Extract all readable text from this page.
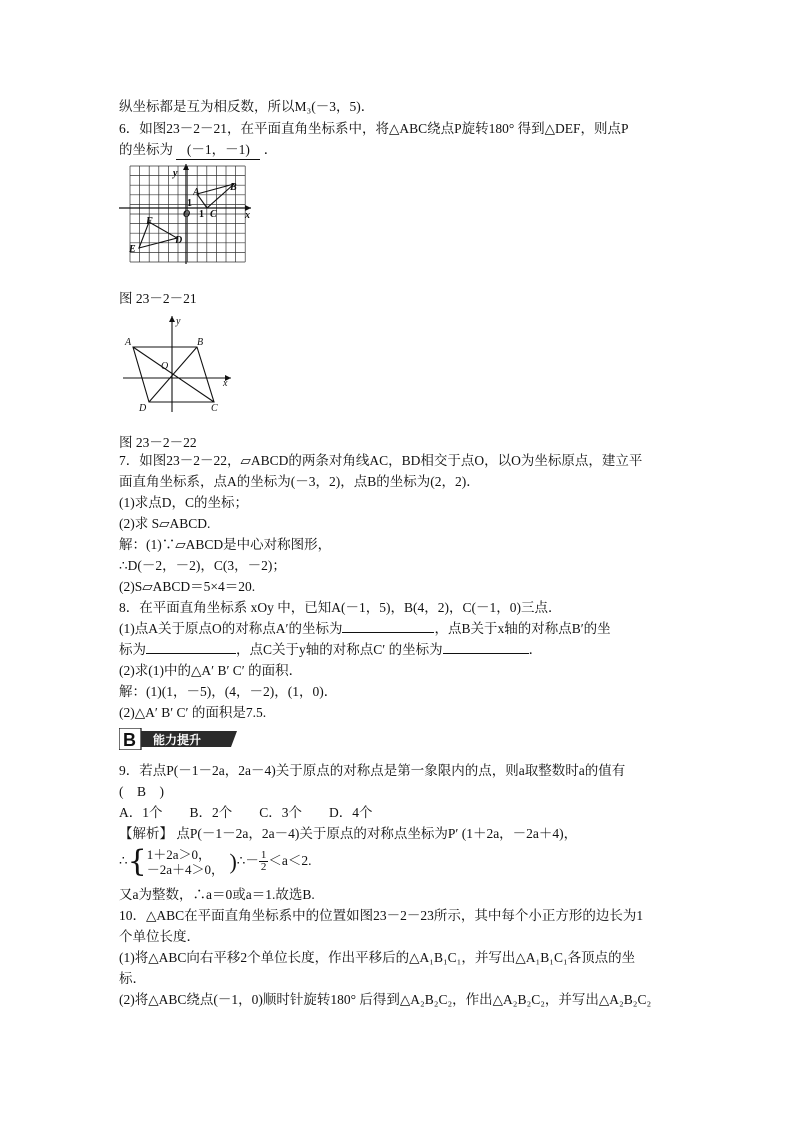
纵坐标都是互为相反数，所以M₃(－3，5)．
6．如图23－2－21，在平面直角坐标系中，将△ABC绕点P旋转180° 得到△DEF，则点P
的坐标为 (－1，－1) ．
y
x
A	B
C
O
F
D
E
1
1
图 23－2－21
y
x
A	B
C
D
O
图 23－2－22
7．如图23－2－22，▱ABCD的两条对角线AC，BD相交于点O，以O为坐标原点，建立平
面直角坐标系，点A的坐标为(－3，2)，点B的坐标为(2，2)．
(1)求点D，C的坐标；
(2)求 S▱ABCD.
解：(1)∵▱ABCD是中心对称图形，
∴D(－2，－2)，C(3，－2)；
(2)S▱ABCD＝5×4＝20.
8．在平面直角坐标系 xOy 中，已知A(－1，5)，B(4，2)，C(－1，0)三点．
(1)点A关于原点O的对称点A′的坐标为	，点B关于x轴的对称点B′的坐
标为	，点C关于y轴的对称点C′ 的坐标为	．
(2)求(1)中的△A′ B′ C′ 的面积．
解：(1)(1，－5)，(4，－2)，(1，0)．
(2)△A′ B′ C′ 的面积是7.5.
B 能力提升
9．若点P(－1－2a，2a－4)关于原点的对称点是第一象限内的点，则a取整数时a的值有
(　B　)
A．1个　　B．2个　　C．3个　　D．4个
【解析】 点P(－1－2a，2a－4)关于原点的对称点坐标为P′ (1＋2a，－2a＋4)，
∴{ 1＋2a＞0，
－2a＋4＞0， )∴－ $\frac{1}{2} <a<2$.
又a为整数，∴a＝0或a＝1.故选B.
10．△ABC在平面直角坐标系中的位置如图23－2－23所示，其中每个小正方形的边长为1
个单位长度．
(1)将△ABC向右平移2个单位长度，作出平移后的△A₁B₁C₁，并写出△A₁B₁C₁各顶点的坐
标．
(2)将△ABC绕点(－1，0)顺时针旋转180° 后得到△A₂B₂C₂，作出△A₂B₂C₂，并写出△A₂B₂C₂
